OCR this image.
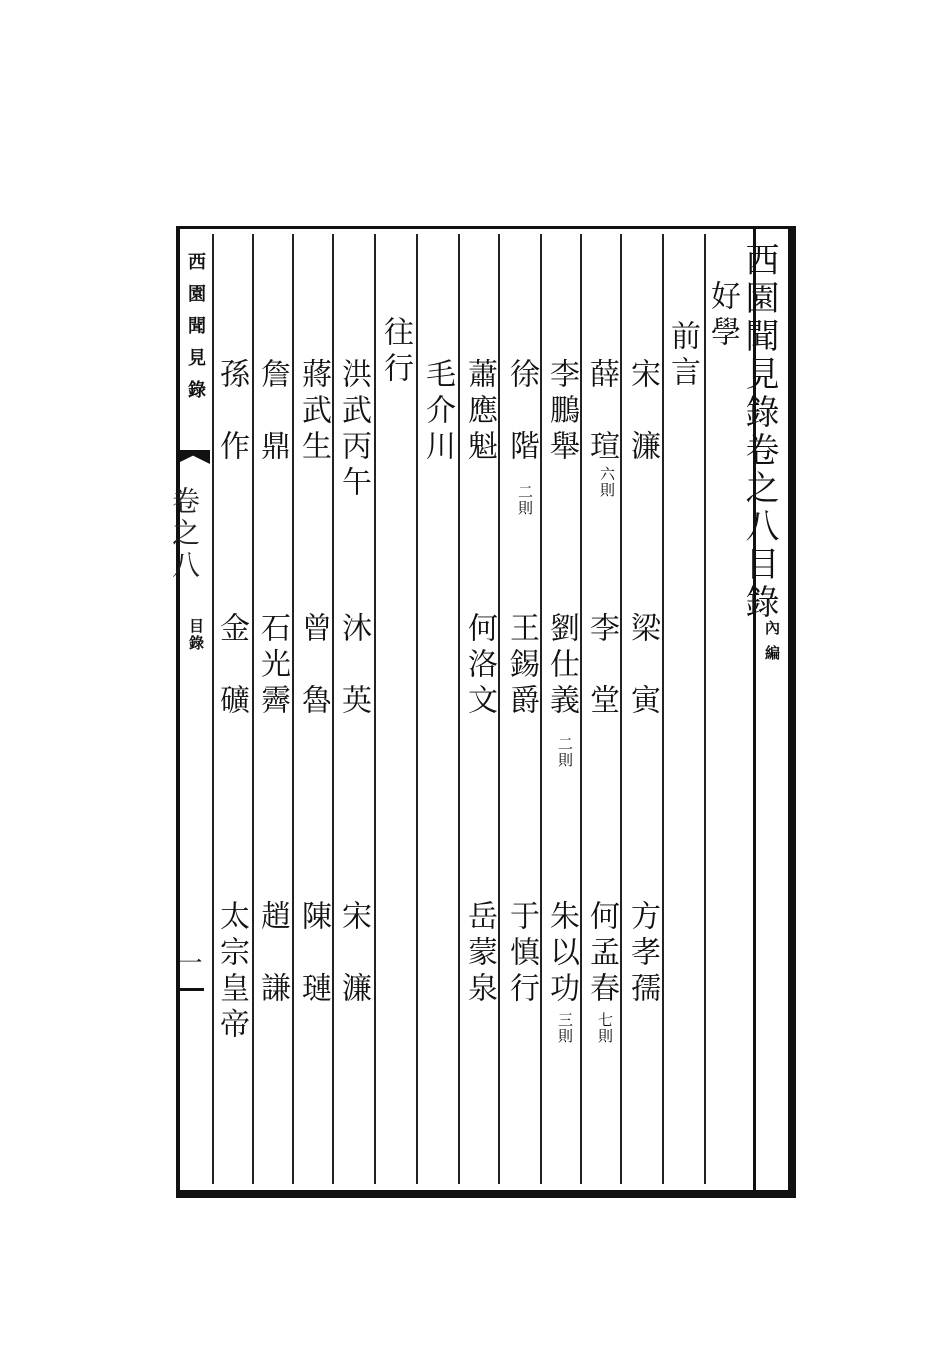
西園聞見錄卷之八目錄
內編
好學
前言
宋　濂
梁　寅
方孝孺
薛　瑄
李　堂
何孟春
李鵬舉
劉仕義
朱以功
徐　階
王錫爵
于慎行
蕭應魁
何洛文
岳蒙泉
毛介川
往行
洪武丙午
沐　英
宋　濂
蔣武生
曾　魯
陳　璉
詹　鼎
石光霽
趙　謙
孫　作
金　礦
太宗皇帝
六則
二則
二則
七則
三則
西園聞見錄
卷之八
目錄
一
